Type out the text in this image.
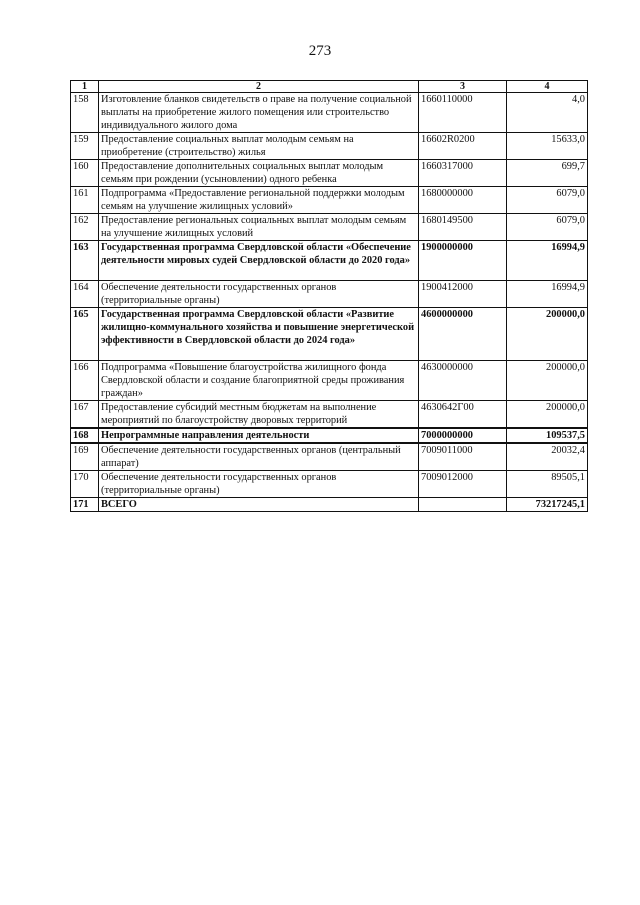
273
1	2	3	4
158	Изготовление бланков свидетельств о праве на получение социальной выплаты на приобретение жилого помещения или строительство индивидуального жилого дома	1660110000	4,0
159	Предоставление социальных выплат молодым семьям на приобретение (строительство) жилья	16602R0200	15633,0
160	Предоставление дополнительных социальных выплат молодым семьям при рождении (усыновлении) одного ребенка	1660317000	699,7
161	Подпрограмма «Предоставление региональной поддержки молодым семьям на улучшение жилищных условий»	1680000000	6079,0
162	Предоставление региональных социальных выплат молодым семьям на улучшение жилищных условий	1680149500	6079,0
163	Государственная программа Свердловской области «Обеспечение деятельности мировых судей Свердловской области до 2020 года»	1900000000	16994,9
164	Обеспечение деятельности государственных органов (территориальные органы)	1900412000	16994,9
165	Государственная программа Свердловской области «Развитие жилищно-коммунального хозяйства и повышение энергетической эффективности в Свердловской области до 2024 года»	4600000000	200000,0
166	Подпрограмма «Повышение благоустройства жилищного фонда Свердловской области и создание благоприятной среды проживания граждан»	4630000000	200000,0
167	Предоставление субсидий местным бюджетам на выполнение мероприятий по благоустройству дворовых территорий	4630642Г00	200000,0
168	Непрограммные направления деятельности	7000000000	109537,5
169	Обеспечение деятельности государственных органов (центральный аппарат)	7009011000	20032,4
170	Обеспечение деятельности государственных органов (территориальные органы)	7009012000	89505,1
171	ВСЕГО		73217245,1
